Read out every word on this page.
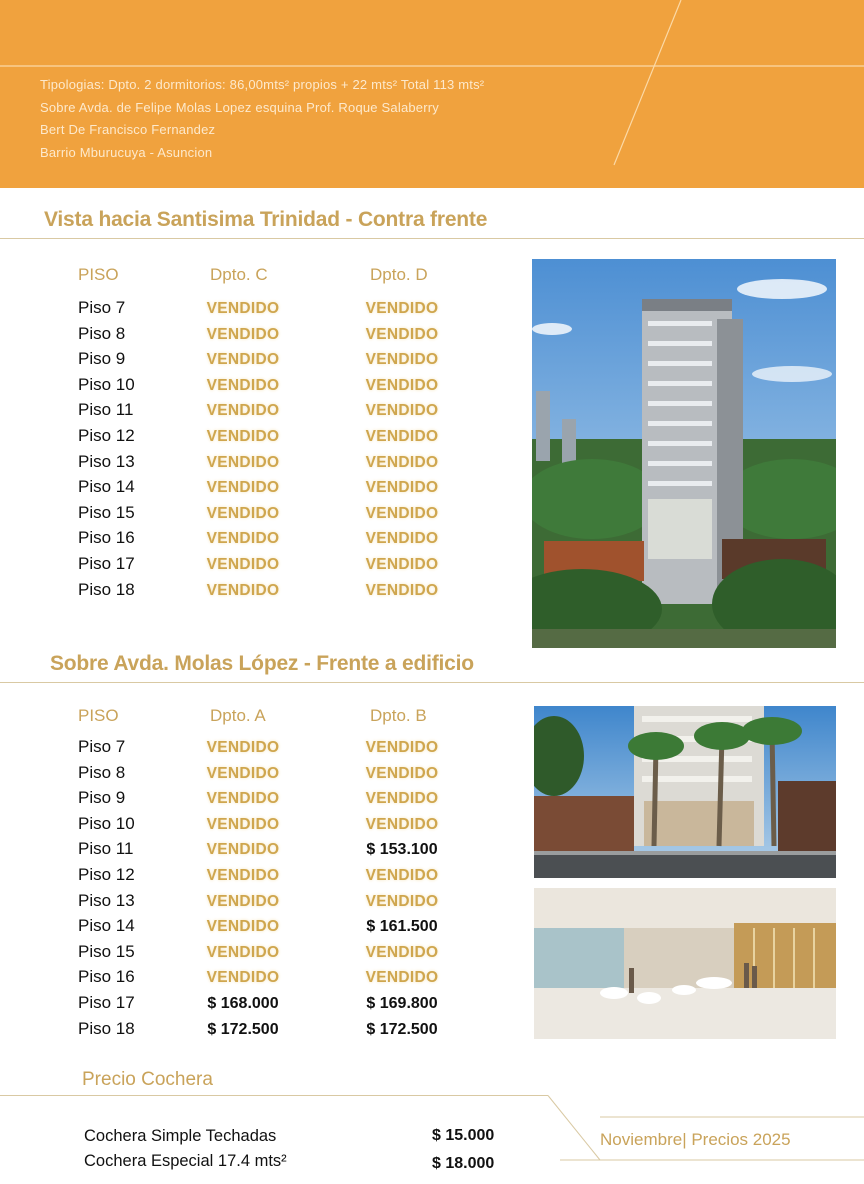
Tipologias: Dpto. 2 dormitorios: 86,00mts² propios + 22 mts² Total 113 mts²
Sobre Avda. de Felipe Molas Lopez esquina Prof. Roque Salaberry
Bert De Francisco Fernandez
Barrio Mburucuya - Asuncion
Vista hacia Santisima Trinidad - Contra frente
PISO	Dpto. C	Dpto. D
Piso 7	VENDIDO	VENDIDO
Piso 8	VENDIDO	VENDIDO
Piso 9	VENDIDO	VENDIDO
Piso 10	VENDIDO	VENDIDO
Piso 11	VENDIDO	VENDIDO
Piso 12	VENDIDO	VENDIDO
Piso 13	VENDIDO	VENDIDO
Piso 14	VENDIDO	VENDIDO
Piso 15	VENDIDO	VENDIDO
Piso 16	VENDIDO	VENDIDO
Piso 17	VENDIDO	VENDIDO
Piso 18	VENDIDO	VENDIDO
Sobre Avda. Molas López - Frente a edificio
PISO	Dpto. A	Dpto. B
Piso 7	VENDIDO	VENDIDO
Piso 8	VENDIDO	VENDIDO
Piso 9	VENDIDO	VENDIDO
Piso 10	VENDIDO	VENDIDO
Piso 11	VENDIDO	$ 153.100
Piso 12	VENDIDO	VENDIDO
Piso 13	VENDIDO	VENDIDO
Piso 14	VENDIDO	$ 161.500
Piso 15	VENDIDO	VENDIDO
Piso 16	VENDIDO	VENDIDO
Piso 17	$ 168.000	$ 169.800
Piso 18	$ 172.500	$ 172.500
Precio Cochera
Cochera Simple Techadas	$ 15.000
Cochera Especial 17.4 mts²	$ 18.000
Noviembre| Precios 2025
